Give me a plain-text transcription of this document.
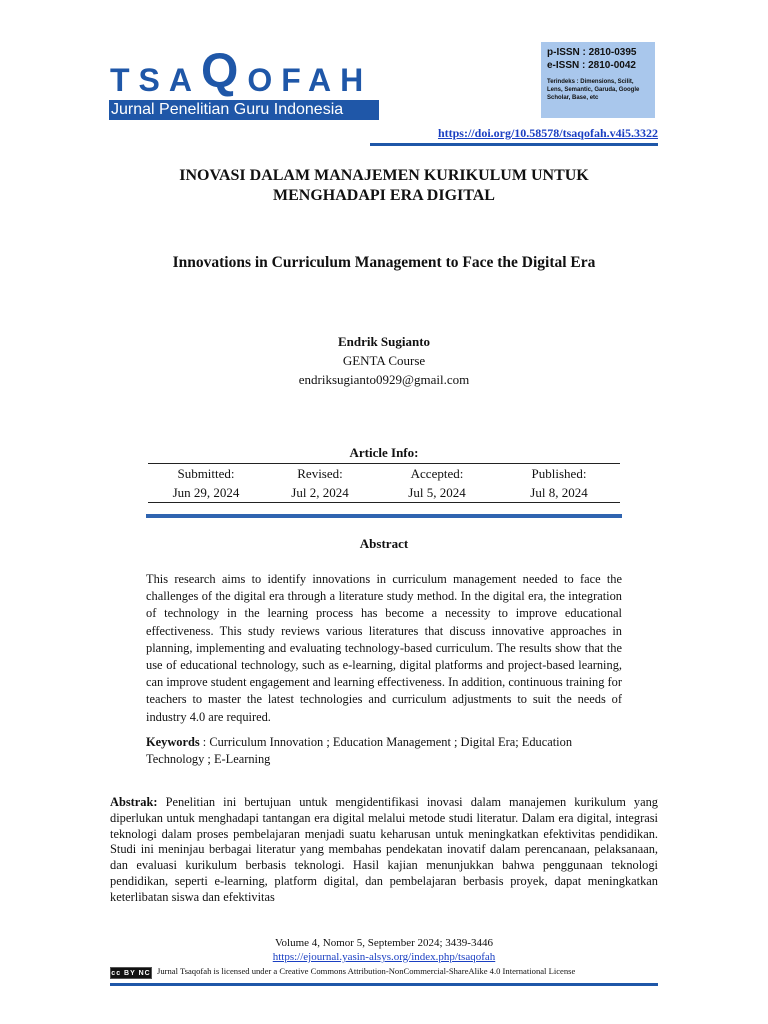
TSAQOFAH
Jurnal Penelitian Guru Indonesia
p-ISSN : 2810-0395
e-ISSN : 2810-0042
Terindeks : Dimensions, Scilit, Lens, Semantic, Garuda, Google Scholar, Base, etc
https://doi.org/10.58578/tsaqofah.v4i5.3322
INOVASI DALAM MANAJEMEN KURIKULUM UNTUK
MENGHADAPI ERA DIGITAL
Innovations in Curriculum Management to Face the Digital Era
Endrik Sugianto
GENTA Course
endriksugianto0929@gmail.com
Article Info:
Submitted:
Jun 29, 2024
Revised:
Jul 2, 2024
Accepted:
Jul 5, 2024
Published:
Jul 8, 2024
Abstract
This research aims to identify innovations in curriculum management needed to face the challenges of the digital era through a literature study method. In the digital era, the integration of technology in the learning process has become a necessity to improve educational effectiveness. This study reviews various literatures that discuss innovative approaches in planning, implementing and evaluating technology-based curriculum. The results show that the use of educational technology, such as e-learning, digital platforms and project-based learning, can improve student engagement and learning effectiveness. In addition, continuous training for teachers to master the latest technologies and curriculum adjustments to suit the needs of industry 4.0 are required.
Keywords : Curriculum Innovation ; Education Management ; Digital Era; Education Technology ; E-Learning
Abstrak: Penelitian ini bertujuan untuk mengidentifikasi inovasi dalam manajemen kurikulum yang diperlukan untuk menghadapi tantangan era digital melalui metode studi literatur. Dalam era digital, integrasi teknologi dalam proses pembelajaran menjadi suatu keharusan untuk meningkatkan efektivitas pendidikan. Studi ini meninjau berbagai literatur yang membahas pendekatan inovatif dalam perencanaan, pelaksanaan, dan evaluasi kurikulum berbasis teknologi. Hasil kajian menunjukkan bahwa penggunaan teknologi pendidikan, seperti e-learning, platform digital, dan pembelajaran berbasis proyek, dapat meningkatkan keterlibatan siswa dan efektivitas
Volume 4, Nomor 5, September 2024; 3439-3446
https://ejournal.yasin-alsys.org/index.php/tsaqofah
cc BY NC Jurnal Tsaqofah is licensed under a Creative Commons Attribution-NonCommercial-ShareAlike 4.0 International License
